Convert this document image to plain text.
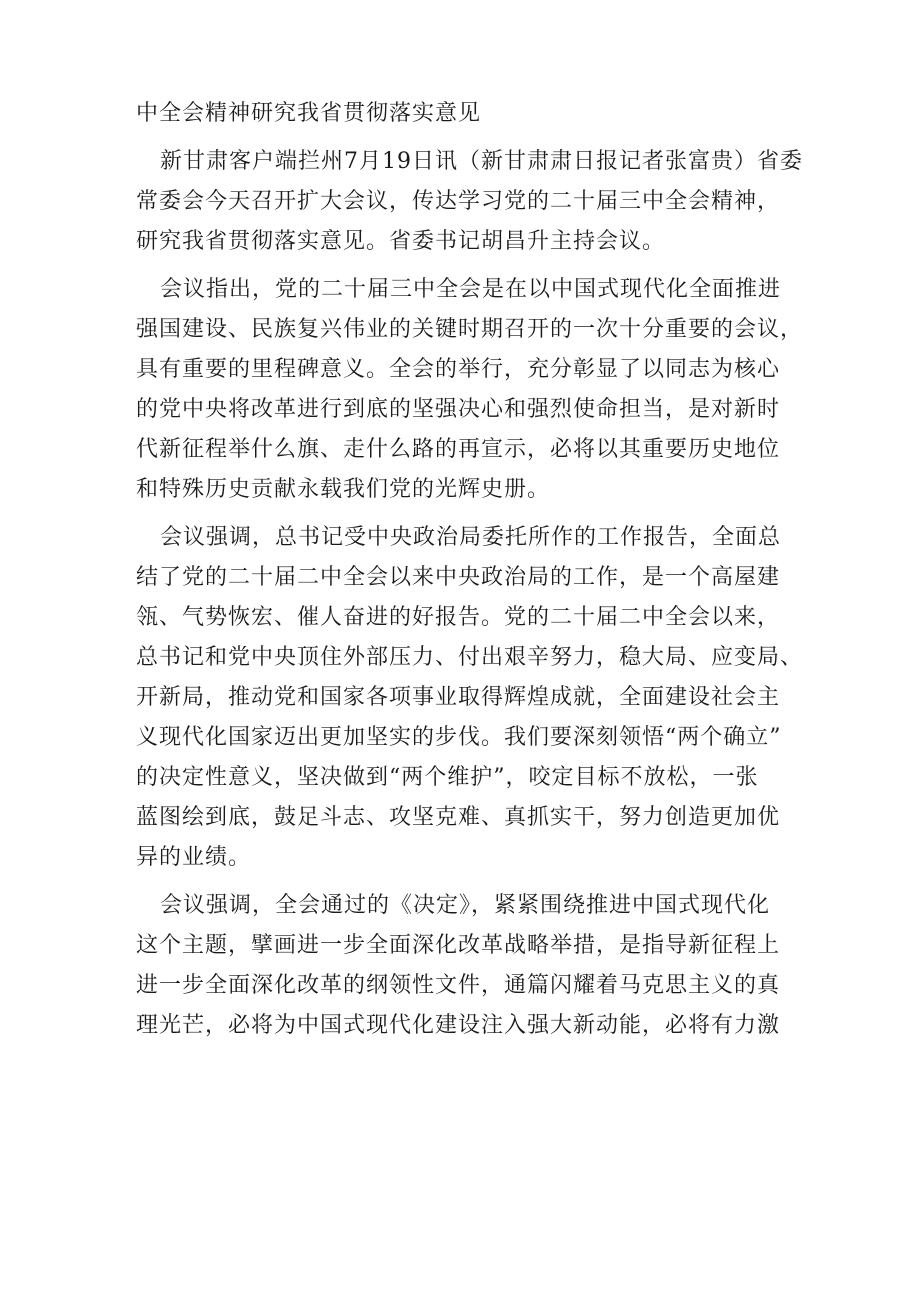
中全会精神研究我省贯彻落实意见
新甘肃客户端拦州7月19日讯（新甘肃肃日报记者张富贵）省委
常委会今天召开扩大会议，传达学习党的二十届三中全会精神，
研究我省贯彻落实意见。省委书记胡昌升主持会议。
会议指出，党的二十届三中全会是在以中国式现代化全面推进
强国建设、民族复兴伟业的关键时期召开的一次十分重要的会议，
具有重要的里程碑意义。全会的举行，充分彰显了以同志为核心
的党中央将改革进行到底的坚强决心和强烈使命担当，是对新时
代新征程举什么旗、走什么路的再宣示，必将以其重要历史地位
和特殊历史贡献永载我们党的光辉史册。
会议强调，总书记受中央政治局委托所作的工作报告，全面总
结了党的二十届二中全会以来中央政治局的工作，是一个高屋建
瓴、气势恢宏、催人奋进的好报告。党的二十届二中全会以来，
总书记和党中央顶住外部压力、付出艰辛努力，稳大局、应变局、
开新局，推动党和国家各项事业取得辉煌成就，全面建设社会主
义现代化国家迈出更加坚实的步伐。我们要深刻领悟“两个确立”
的决定性意义，坚决做到“两个维护”，咬定目标不放松，一张
蓝图绘到底，鼓足斗志、攻坚克难、真抓实干，努力创造更加优
异的业绩。
会议强调，全会通过的《决定》，紧紧围绕推进中国式现代化
这个主题，擘画进一步全面深化改革战略举措，是指导新征程上
进一步全面深化改革的纲领性文件，通篇闪耀着马克思主义的真
理光芒，必将为中国式现代化建设注入强大新动能，必将有力激
